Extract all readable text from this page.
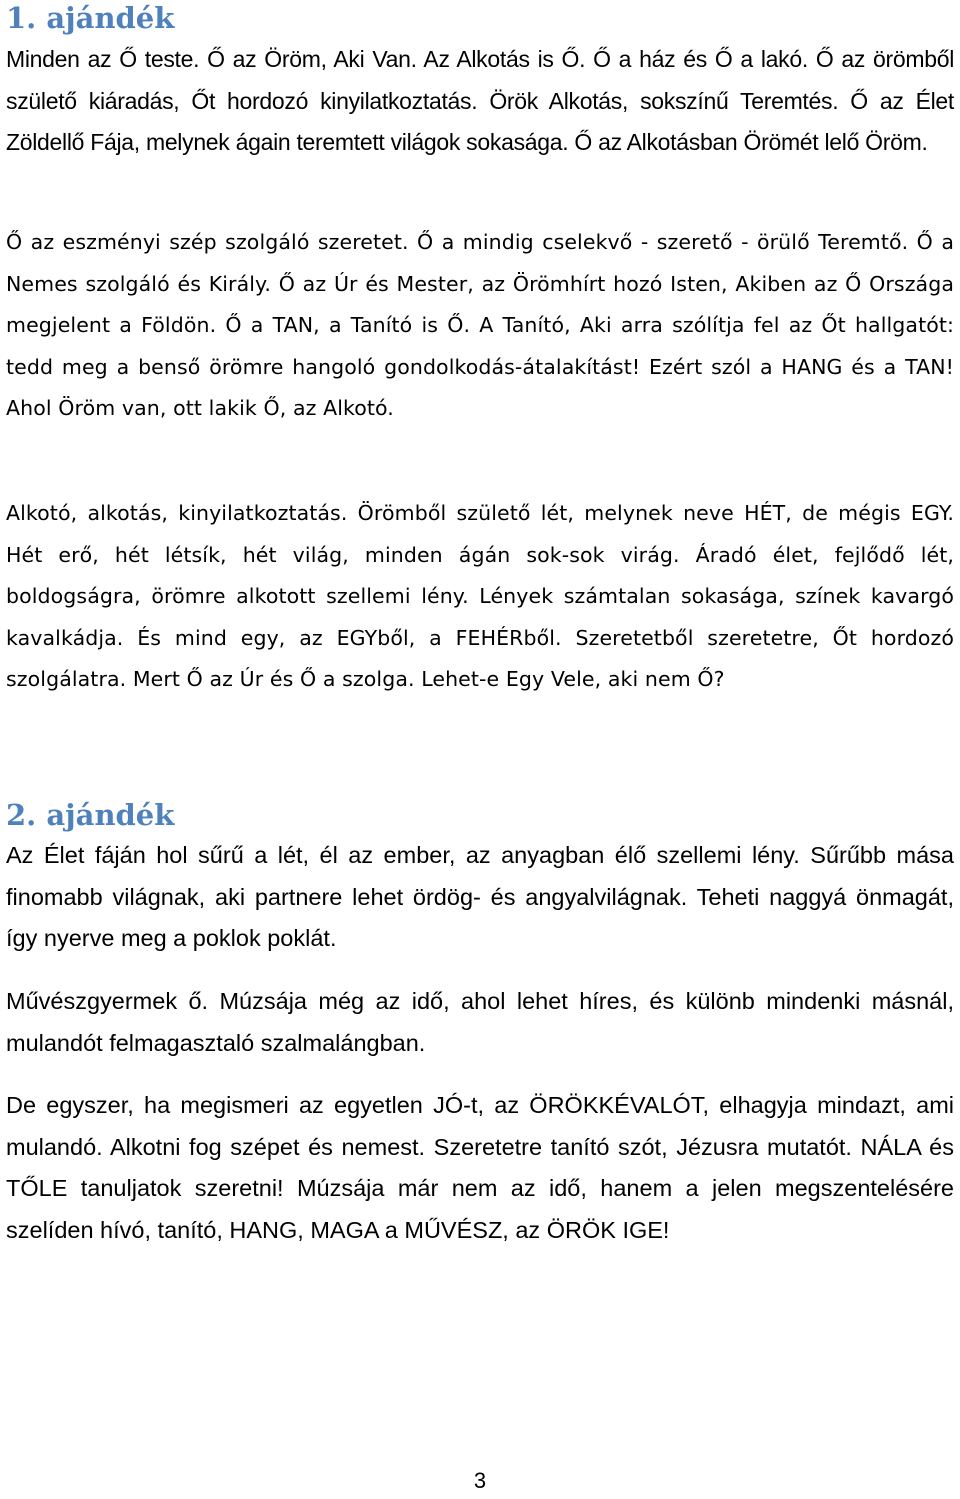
1. ajándék

Minden az Ő teste. Ő az Öröm, Aki Van. Az Alkotás is Ő. Ő a ház és Ő a lakó. Ő az örömből születő kiáradás, Őt hordozó kinyilatkoztatás. Örök Alkotás, sokszínű Teremtés. Ő az Élet Zöldellő Fája, melynek ágain teremtett világok sokasága. Ő az Alkotásban Örömét lelő Öröm.

Ő az eszményi szép szolgáló szeretet. Ő a mindig cselekvő - szerető - örülő Teremtő. Ő a Nemes szolgáló és Király. Ő az Úr és Mester, az Örömhírt hozó Isten, Akiben az Ő Országa megjelent a Földön. Ő a TAN, a Tanító is Ő. A Tanító, Aki arra szólítja fel az Őt hallgatót: tedd meg a benső örömre hangoló gondolkodás-átalakítást! Ezért szól a HANG és a TAN! Ahol Öröm van, ott lakik Ő, az Alkotó.

Alkotó, alkotás, kinyilatkoztatás. Örömből születő lét, melynek neve HÉT, de mégis EGY. Hét erő, hét létsík, hét világ, minden ágán sok-sok virág. Áradó élet, fejlődő lét, boldogságra, örömre alkotott szellemi lény. Lények számtalan sokasága, színek kavargó kavalkádja. És mind egy, az EGYből, a FEHÉRből. Szeretetből szeretetre, Őt hordozó szolgálatra. Mert Ő az Úr és Ő a szolga. Lehet-e Egy Vele, aki nem Ő?

2. ajándék

Az Élet fáján hol sűrű a lét, él az ember, az anyagban élő szellemi lény. Sűrűbb mása finomabb világnak, aki partnere lehet ördög- és angyalvilágnak. Teheti naggyá önmagát, így nyerve meg a poklok poklát.

Művészgyermek ő. Múzsája még az idő, ahol lehet híres, és különb mindenki másnál, mulandót felmagasztaló szalmalángban.

De egyszer, ha megismeri az egyetlen JÓ-t, az ÖRÖKKÉVALÓT, elhagyja mindazt, ami mulandó. Alkotni fog szépet és nemest. Szeretetre tanító szót, Jézusra mutatót. NÁLA és TŐLE tanuljatok szeretni! Múzsája már nem az idő, hanem a jelen megszentelésére szelíden hívó, tanító, HANG, MAGA a MŰVÉSZ, az ÖRÖK IGE!

3
